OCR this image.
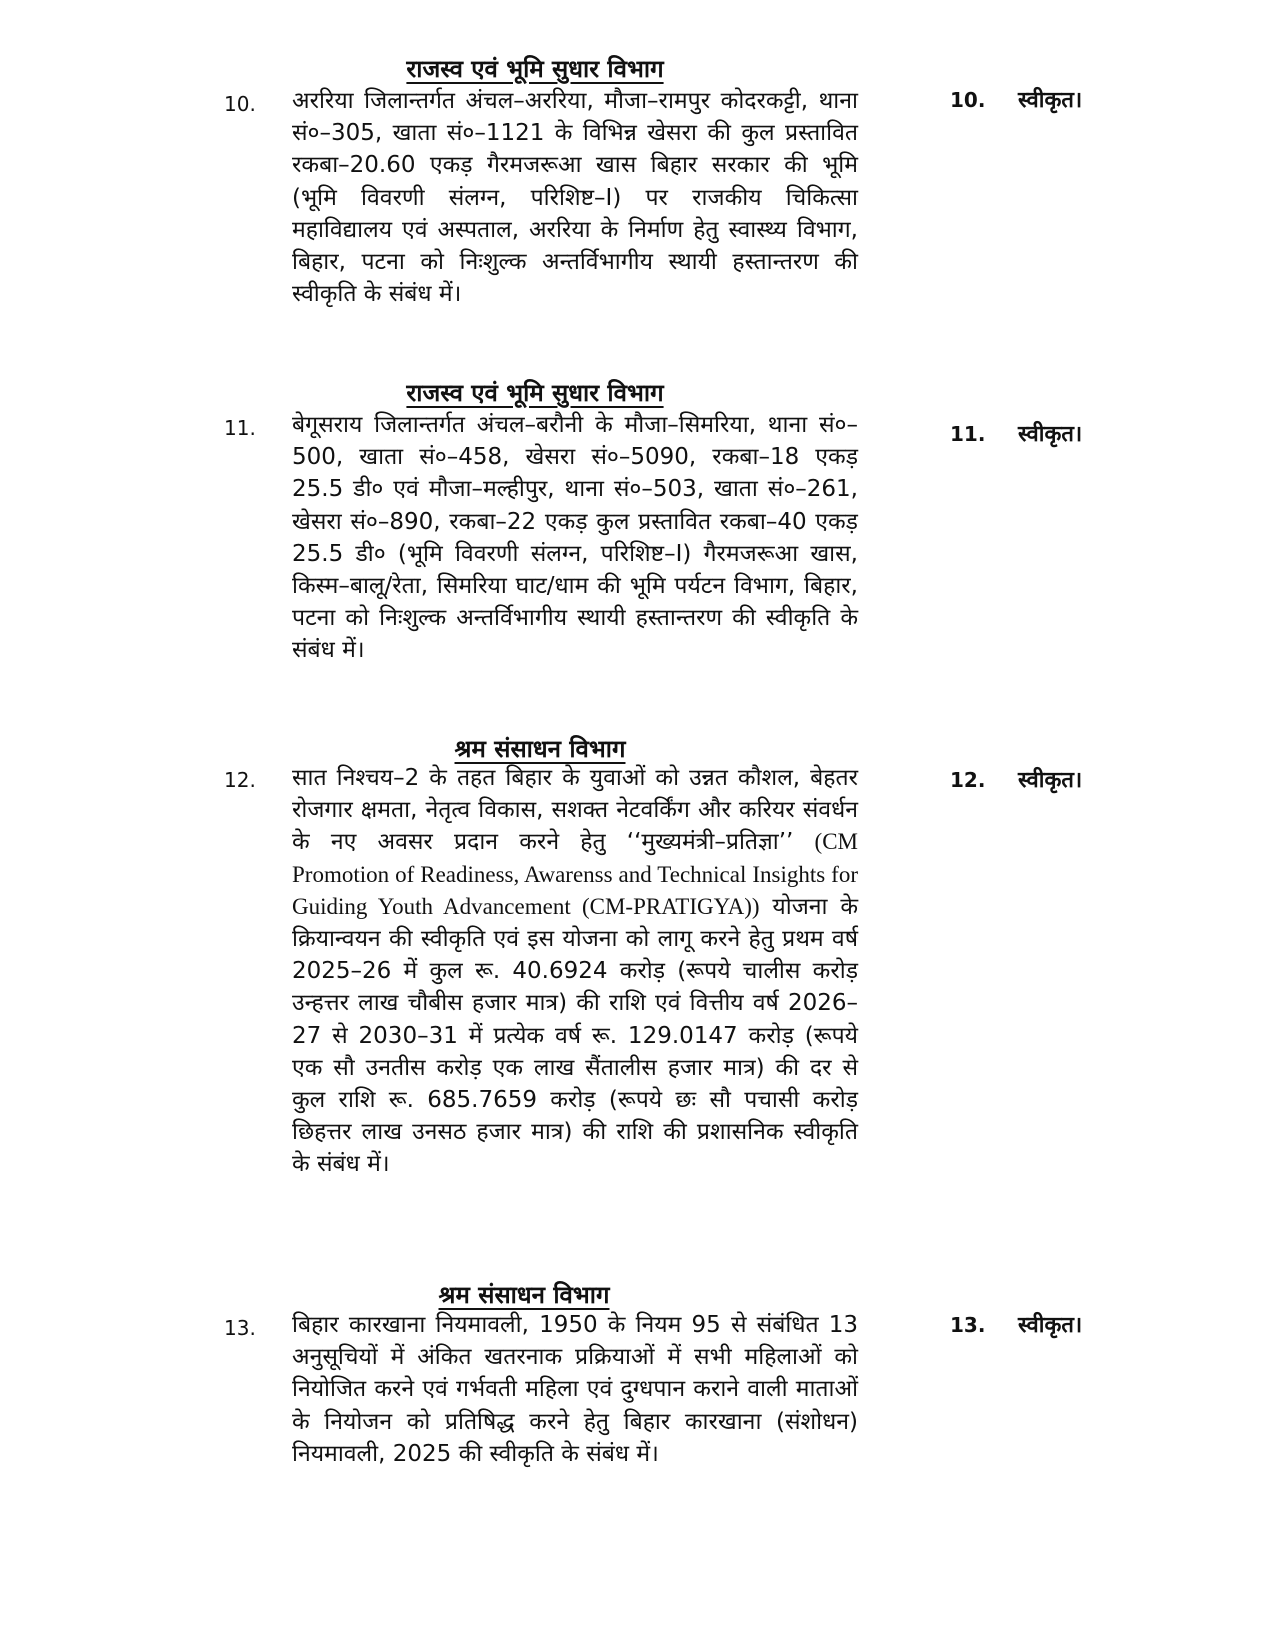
राजस्व एवं भूमि सुधार विभाग
10. अररिया जिलान्तर्गत अंचल–अररिया, मौजा–रामपुर कोदरकट्टी, थाना सं०–305, खाता सं०–1121 के विभिन्न खेसरा की कुल प्रस्तावित रकबा–20.60 एकड़ गैरमजरूआ खास बिहार सरकार की भूमि (भूमि विवरणी संलग्न, परिशिष्ट–I) पर राजकीय चिकित्सा महाविद्यालय एवं अस्पताल, अररिया के निर्माण हेतु स्वास्थ्य विभाग, बिहार, पटना को निःशुल्क अन्तर्विभागीय स्थायी हस्तान्तरण की स्वीकृति के संबंध में।
10. स्वीकृत।
राजस्व एवं भूमि सुधार विभाग
11. बेगूसराय जिलान्तर्गत अंचल–बरौनी के मौजा–सिमरिया, थाना सं०–500, खाता सं०–458, खेसरा सं०–5090, रकबा–18 एकड़ 25.5 डी० एवं मौजा–मल्हीपुर, थाना सं०–503, खाता सं०–261, खेसरा सं०–890, रकबा–22 एकड़ कुल प्रस्तावित रकबा–40 एकड़ 25.5 डी० (भूमि विवरणी संलग्न, परिशिष्ट–I) गैरमजरूआ खास, किस्म–बालू/रेता, सिमरिया घाट/धाम की भूमि पर्यटन विभाग, बिहार, पटना को निःशुल्क अन्तर्विभागीय स्थायी हस्तान्तरण की स्वीकृति के संबंध में।
11. स्वीकृत।
श्रम संसाधन विभाग
12. सात निश्चय–2 के तहत बिहार के युवाओं को उन्नत कौशल, बेहतर रोजगार क्षमता, नेतृत्व विकास, सशक्त नेटवर्किंग और करियर संवर्धन के नए अवसर प्रदान करने हेतु ‘‘मुख्यमंत्री–प्रतिज्ञा’’ (CM Promotion of Readiness, Awarenss and Technical Insights for Guiding Youth Advancement (CM-PRATIGYA)) योजना के क्रियान्वयन की स्वीकृति एवं इस योजना को लागू करने हेतु प्रथम वर्ष 2025–26 में कुल रू. 40.6924 करोड़ (रूपये चालीस करोड़ उन्हत्तर लाख चौबीस हजार मात्र) की राशि एवं वित्तीय वर्ष 2026–27 से 2030–31 में प्रत्येक वर्ष रू. 129.0147 करोड़ (रूपये एक सौ उनतीस करोड़ एक लाख सैंतालीस हजार मात्र) की दर से कुल राशि रू. 685.7659 करोड़ (रूपये छः सौ पचासी करोड़ छिहत्तर लाख उनसठ हजार मात्र) की राशि की प्रशासनिक स्वीकृति के संबंध में।
12. स्वीकृत।
श्रम संसाधन विभाग
13. बिहार कारखाना नियमावली, 1950 के नियम 95 से संबंधित 13 अनुसूचियों में अंकित खतरनाक प्रक्रियाओं में सभी महिलाओं को नियोजित करने एवं गर्भवती महिला एवं दुग्धपान कराने वाली माताओं के नियोजन को प्रतिषिद्ध करने हेतु बिहार कारखाना (संशोधन) नियमावली, 2025 की स्वीकृति के संबंध में।
13. स्वीकृत।
